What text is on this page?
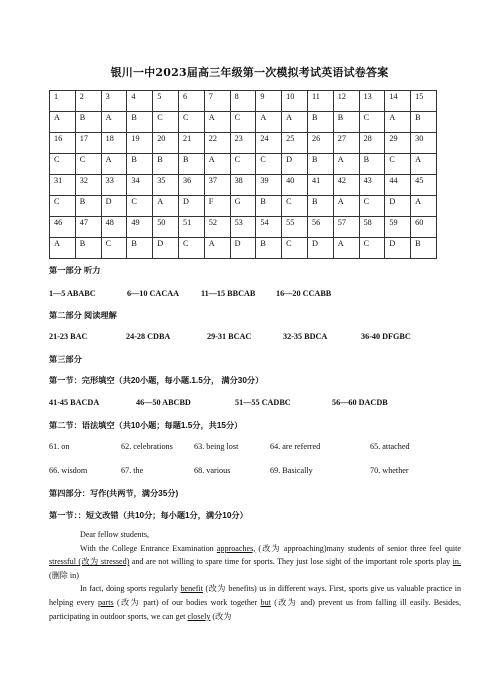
银川一中2023届高三年级第一次模拟考试英语试卷答案
1	2	3	4	5	6	7	8	9	10	11	12	13	14	15
A	B	A	B	C	C	A	C	A	A	B	B	C	A	B
16	17	18	19	20	21	22	23	24	25	26	27	28	29	30
C	C	A	B	B	B	A	C	C	D	B	A	B	C	A
31	32	33	34	35	36	37	38	39	40	41	42	43	44	45
C	B	D	C	A	D	F	G	B	C	B	A	C	D	A
46	47	48	49	50	51	52	53	54	55	56	57	58	59	60
A	B	C	B	D	C	A	D	B	C	D	A	C	D	B
第一部分 听力
1—5 ABABC	6—10 CACAA	11—15 BBCAB	16—20 CCABB
第二部分 阅读理解
21-23 BAC	24-28 CDBA	29-31 BCAC	32-35 BDCA	36-40 DFGBC
第三部分
第一节：完形填空（共20小题，每小题.1.5分， 满分30分）
41-45 BACDA	46—50 ABCBD	51—55 CADBC	56—60 DACDB
第二节：语法填空（共10小题；每题1.5分，共15分）
61. on	62. celebrations	63. being lost	64. are referred	65. attached
66. wisdom	67. the	68. various	69. Basically	70. whether
第四部分：写作(共两节，满分35分)
第一节：：短文改错（共10分；每小题1分，满分10分）

Dear fellow students,

With the College Entrance Examination approaches, (改为 approaching)many students of senior three feel quite stressful (改为 stressed) and are not willing to spare time for sports. They just lose sight of the important role sports play in. (删除 in)

In fact, doing sports regularly benefit (改为 benefits) us in different ways. First, sports give us valuable practice in helping every parts (改为 part) of our bodies work together but (改为 and) prevent us from falling ill easily. Besides, participating in outdoor sports, we can get closely (改为
